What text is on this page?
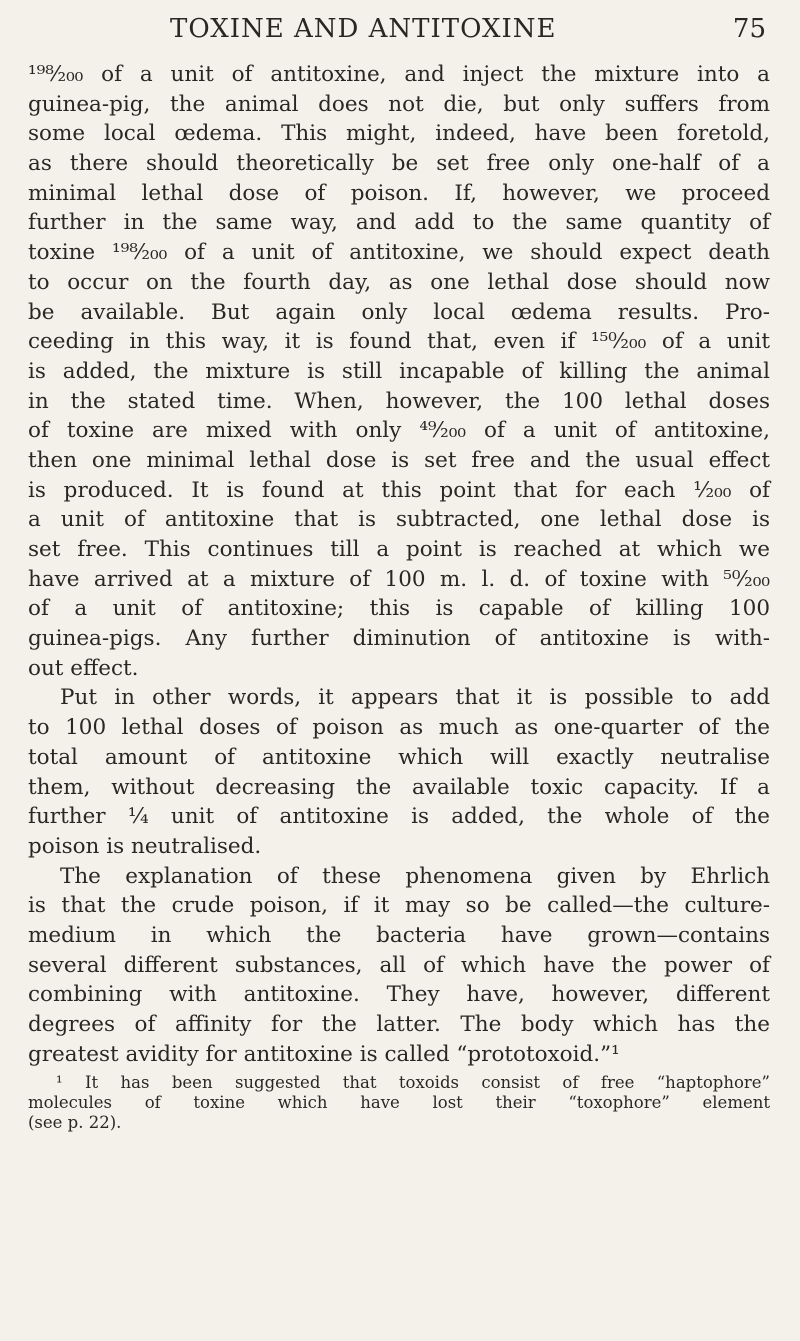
TOXINE AND ANTITOXINE	75
¹⁹⁸⁄₂₀₀ of a unit of antitoxine, and inject the mixture into a
guinea-pig, the animal does not die, but only suffers from
some local œdema. This might, indeed, have been foretold,
as there should theoretically be set free only one-half of a
minimal lethal dose of poison. If, however, we proceed
further in the same way, and add to the same quantity of
toxine ¹⁹⁸⁄₂₀₀ of a unit of antitoxine, we should expect death
to occur on the fourth day, as one lethal dose should now
be available. But again only local œdema results. Pro-
ceeding in this way, it is found that, even if ¹⁵⁰⁄₂₀₀ of a unit
is added, the mixture is still incapable of killing the animal
in the stated time. When, however, the 100 lethal doses
of toxine are mixed with only ⁴⁹⁄₂₀₀ of a unit of antitoxine,
then one minimal lethal dose is set free and the usual effect
is produced. It is found at this point that for each ¹⁄₂₀₀ of
a unit of antitoxine that is subtracted, one lethal dose is
set free. This continues till a point is reached at which we
have arrived at a mixture of 100 m. l. d. of toxine with ⁵⁰⁄₂₀₀
of a unit of antitoxine; this is capable of killing 100
guinea-pigs. Any further diminution of antitoxine is with-
out effect.
Put in other words, it appears that it is possible to add
to 100 lethal doses of poison as much as one-quarter of the
total amount of antitoxine which will exactly neutralise
them, without decreasing the available toxic capacity. If a
further ¼ unit of antitoxine is added, the whole of the
poison is neutralised.
The explanation of these phenomena given by Ehrlich
is that the crude poison, if it may so be called—the culture-
medium in which the bacteria have grown—contains
several different substances, all of which have the power of
combining with antitoxine. They have, however, different
degrees of affinity for the latter. The body which has the
greatest avidity for antitoxine is called “prototoxoid.”¹
¹ It has been suggested that toxoids consist of free “haptophore”
molecules of toxine which have lost their “toxophore” element
(see p. 22).
